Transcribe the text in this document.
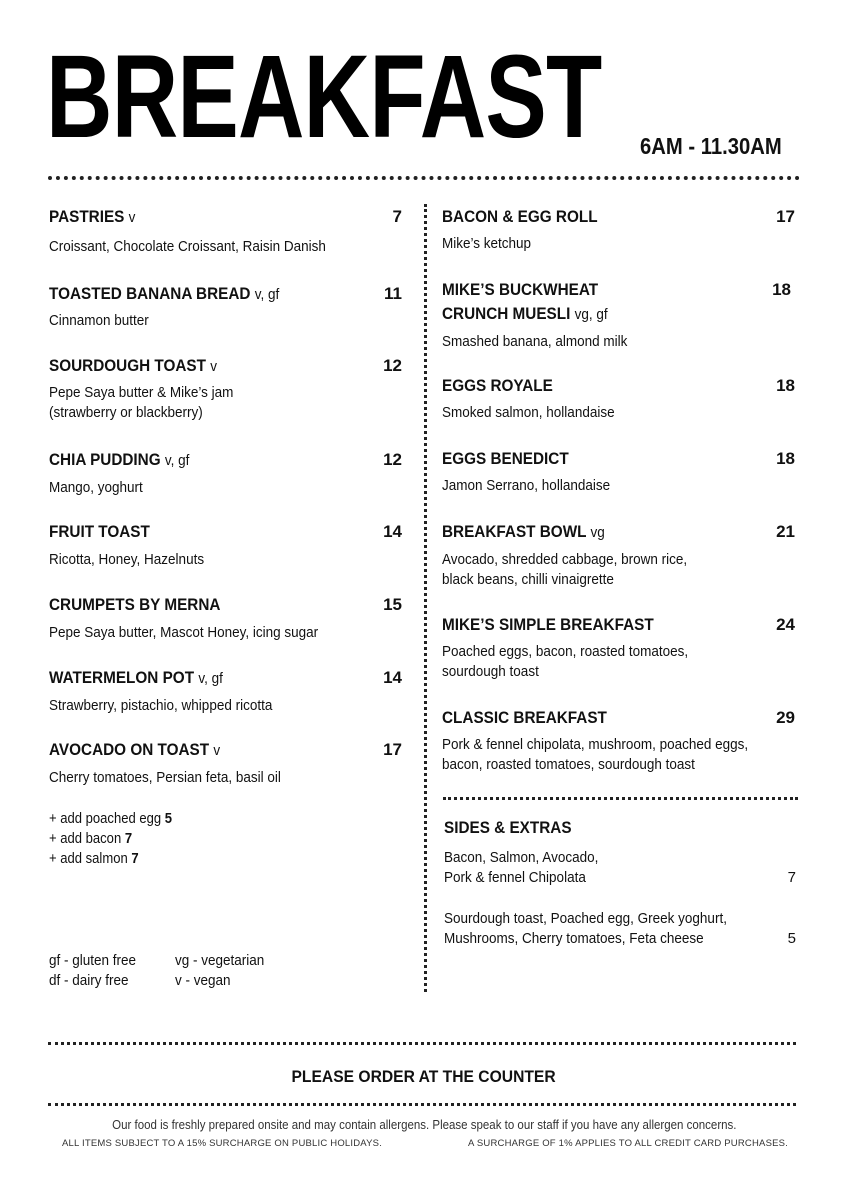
BREAKFAST 6AM - 11.30AM
PASTRIES v	7
Croissant, Chocolate Croissant, Raisin Danish
TOASTED BANANA BREAD v, gf	11
Cinnamon butter
SOURDOUGH TOAST v	12
Pepe Saya butter & Mike’s jam
(strawberry or blackberry)
CHIA PUDDING v, gf	12
Mango, yoghurt
FRUIT TOAST	14
Ricotta, Honey, Hazelnuts
CRUMPETS BY MERNA	15
Pepe Saya butter, Mascot Honey, icing sugar
WATERMELON POT v, gf	14
Strawberry, pistachio, whipped ricotta
AVOCADO ON TOAST v	17
Cherry tomatoes, Persian feta, basil oil
+ add poached egg 5
+ add bacon 7
+ add salmon 7
gf - gluten free	vg - vegetarian
df - dairy free	v - vegan
BACON & EGG ROLL	17
Mike’s ketchup
MIKE’S BUCKWHEAT	18
CRUNCH MUESLI vg, gf
Smashed banana, almond milk
EGGS ROYALE	18
Smoked salmon, hollandaise
EGGS BENEDICT	18
Jamon Serrano, hollandaise
BREAKFAST BOWL vg	21
Avocado, shredded cabbage, brown rice,
black beans, chilli vinaigrette
MIKE’S SIMPLE BREAKFAST	24
Poached eggs, bacon, roasted tomatoes,
sourdough toast
CLASSIC BREAKFAST	29
Pork & fennel chipolata, mushroom, poached eggs,
bacon, roasted tomatoes, sourdough toast
SIDES & EXTRAS
Bacon, Salmon, Avocado,
Pork & fennel Chipolata	7
Sourdough toast, Poached egg, Greek yoghurt,
Mushrooms, Cherry tomatoes, Feta cheese	5
PLEASE ORDER AT THE COUNTER
Our food is freshly prepared onsite and may contain allergens. Please speak to our staff if you have any allergen concerns.
ALL ITEMS SUBJECT TO A 15% SURCHARGE ON PUBLIC HOLIDAYS.	A SURCHARGE OF 1% APPLIES TO ALL CREDIT CARD PURCHASES.
